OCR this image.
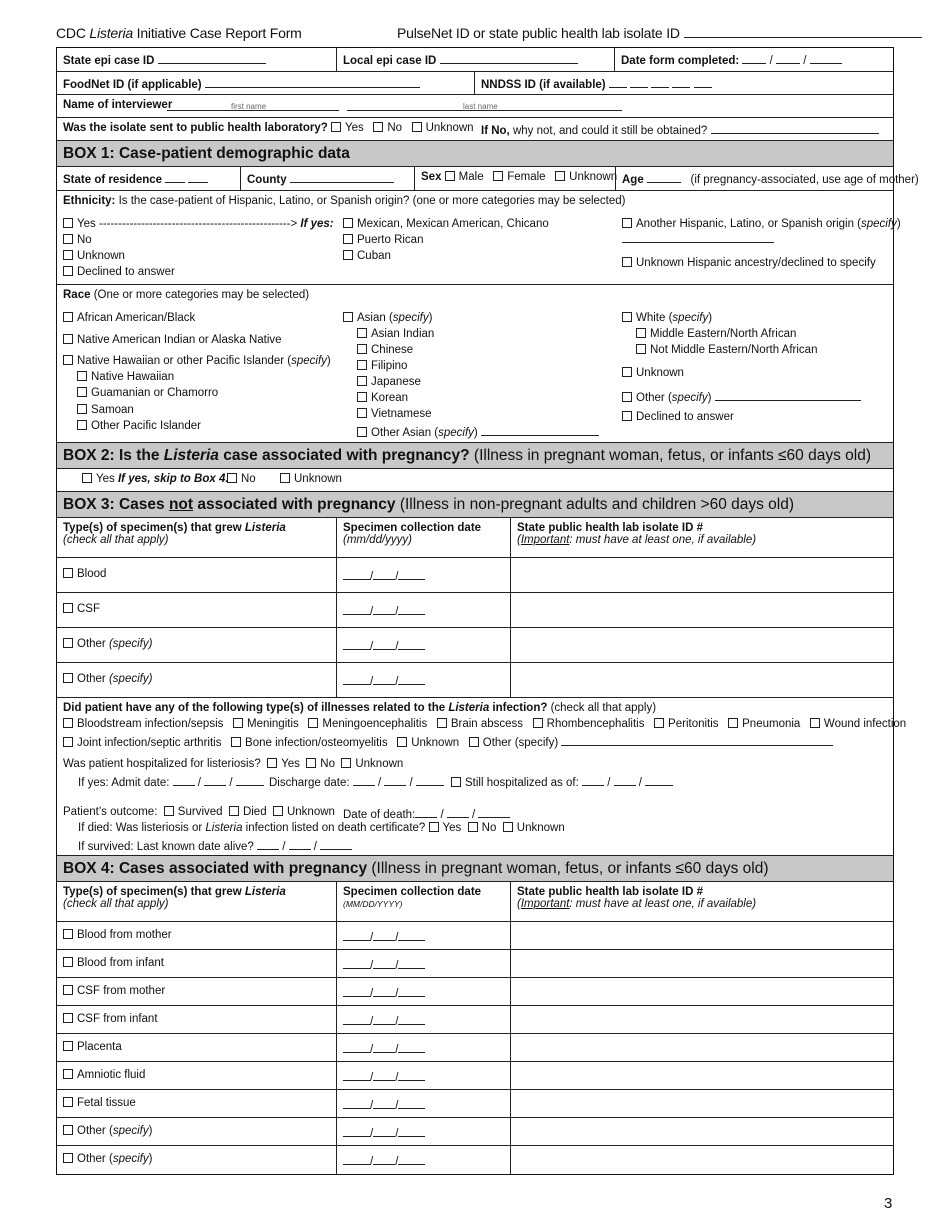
CDC Listeria Initiative Case Report Form	PulseNet ID or state public health lab isolate ID
State epi case ID	Local epi case ID	Date form completed:  /  /
FoodNet ID (if applicable)	NNDSS ID (if available)
Name of interviewer	first name	last name
Was the isolate sent to public health laboratory? Yes No Unknown If No, why not, and could it still be obtained?
BOX 1: Case-patient demographic data
State of residence	County	Sex Male Female Unknown Age	(if pregnancy-associated, use age of mother)
Ethnicity: Is the case-patient of Hispanic, Latino, or Spanish origin? (one or more categories may be selected)
Yes --------------------------------------------------> If yes:
No
Unknown
Declined to answer
Mexican, Mexican American, Chicano
Puerto Rican
Cuban
Another Hispanic, Latino, or Spanish origin (specify)
Unknown Hispanic ancestry/declined to specify
Race (One or more categories may be selected)
African American/Black
Native American Indian or Alaska Native
Native Hawaiian or other Pacific Islander (specify)
Native Hawaiian
Guamanian or Chamorro
Samoan
Other Pacific Islander
Asian (specify)
Asian Indian
Chinese
Filipino
Japanese
Korean
Vietnamese
Other Asian (specify)
White (specify)
Middle Eastern/North African
Not Middle Eastern/North African
Unknown
Other (specify)
Declined to answer
BOX 2: Is the Listeria case associated with pregnancy? (Illness in pregnant woman, fetus, or infants ≤60 days old)
Yes If yes, skip to Box 4.	No	Unknown
BOX 3: Cases not associated with pregnancy (Illness in non-pregnant adults and children >60 days old)
Type(s) of specimen(s) that grew Listeria
(check all that apply)
Specimen collection date
(mm/dd/yyyy)
State public health lab isolate ID #
(Important: must have at least one, if available)
Blood	/ /
CSF	/ /
Other (specify)	/ /
Other (specify)	/ /
Did patient have any of the following type(s) of illnesses related to the Listeria infection? (check all that apply)
Bloodstream infection/sepsis Meningitis Meningoencephalitis Brain abscess Rhombencephalitis Peritonitis Pneumonia Wound infection
Joint infection/septic arthritis Bone infection/osteomyelitis Unknown Other (specify)
Was patient hospitalized for listeriosis? Yes No Unknown
If yes: Admit date:  /  /	Discharge date:  /  /	Still hospitalized as of:  /  /
Patient’s outcome: Survived Died Unknown Date of death: /  /
If died: Was listeriosis or Listeria infection listed on death certificate? Yes No Unknown
If survived: Last known date alive?  /  /
BOX 4: Cases associated with pregnancy (Illness in pregnant woman, fetus, or infants ≤60 days old)
Type(s) of specimen(s) that grew Listeria
(check all that apply)
Specimen collection date
(MM/DD/YYYY)
State public health lab isolate ID #
(Important: must have at least one, if available)
Blood from mother	/ /
Blood from infant	/ /
CSF from mother	/ /
CSF from infant	/ /
Placenta	/ /
Amniotic fluid	/ /
Fetal tissue	/ /
Other (specify)	/ /
Other (specify)	/ /
3
